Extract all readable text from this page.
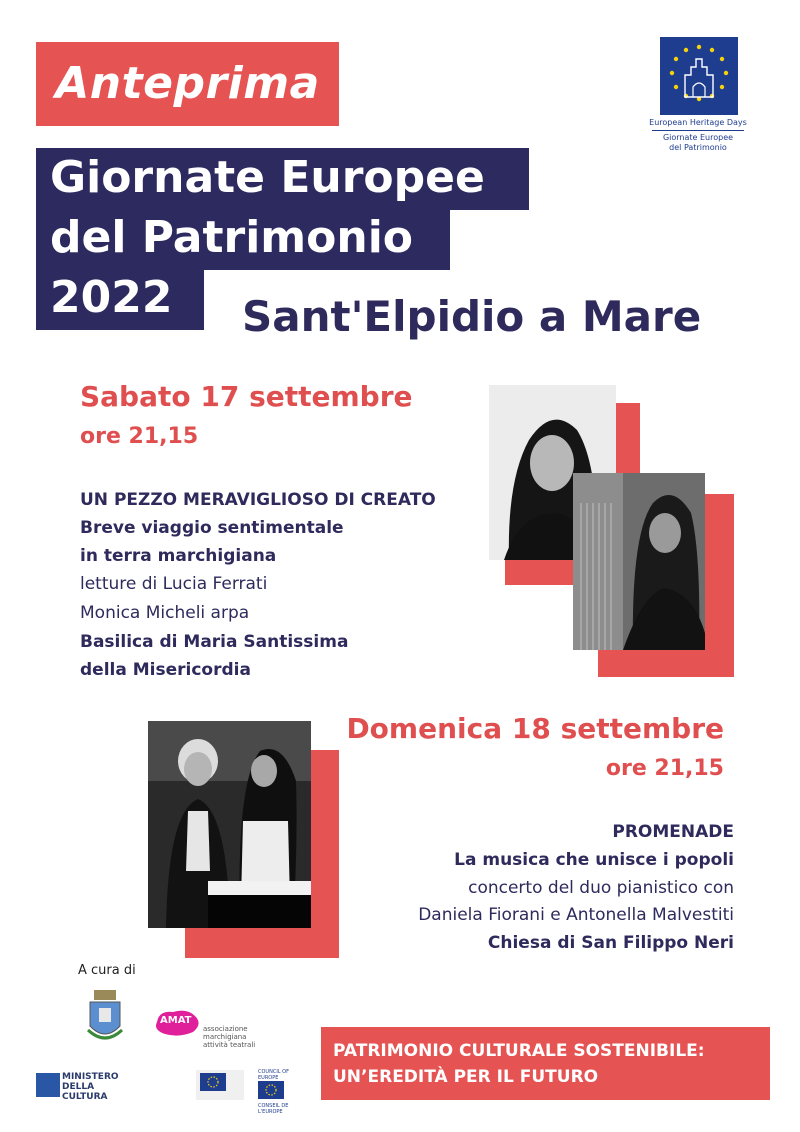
Anteprima
Giornate Europee
del Patrimonio
2022	Sant'Elpidio a Mare
European Heritage Days
Giornate Europee
del Patrimonio
Sabato 17 settembre
ore 21,15
UN PEZZO MERAVIGLIOSO DI CREATO
Breve viaggio sentimentale
in terra marchigiana
letture di Lucia Ferrati
Monica Micheli arpa
Basilica di Maria Santissima
della Misericordia
Domenica 18 settembre
ore 21,15
PROMENADE
La musica che unisce i popoli
concerto del duo pianistico con
Daniela Fiorani e Antonella Malvestiti
Chiesa di San Filippo Neri
A cura di
AMAT
associazione
marchigiana
attività teatrali
MINISTERO
DELLA
CULTURA
COUNCIL OF EUROPE
CONSEIL DE L'EUROPE
PATRIMONIO CULTURALE SOSTENIBILE:
UN’EREDITÀ PER IL FUTURO
